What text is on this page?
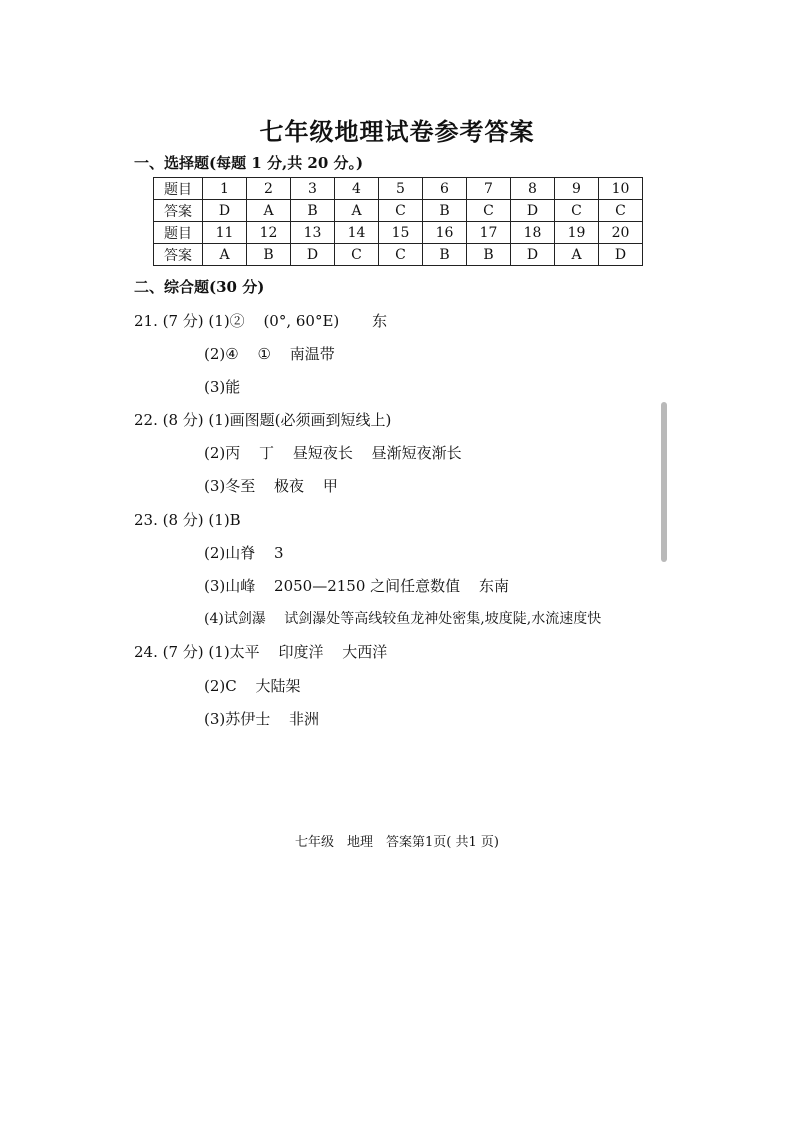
七年级地理试卷参考答案
一、选择题(每题 1 分,共 20 分。)
题目	1	2	3	4	5	6	7	8	9	10
答案	D	A	B	A	C	B	C	D	C	C
题目	11	12	13	14	15	16	17	18	19	20
答案	A	B	D	C	C	B	B	D	A	D
二、综合题(30 分)
21. (7 分) (1)② (0°, 60°E) 东
(2)④ ① 南温带
(3)能
22. (8 分) (1)画图题(必须画到短线上)
(2)丙 丁 昼短夜长 昼渐短夜渐长
(3)冬至 极夜 甲
23. (8 分) (1)B
(2)山脊 3
(3)山峰 2050—2150 之间任意数值 东南
(4)试剑瀑 试剑瀑处等高线较鱼龙神处密集,坡度陡,水流速度快
24. (7 分) (1)太平 印度洋 大西洋
(2)C 大陆架
(3)苏伊士 非洲
七年级　地理　答案第1页( 共1 页)
